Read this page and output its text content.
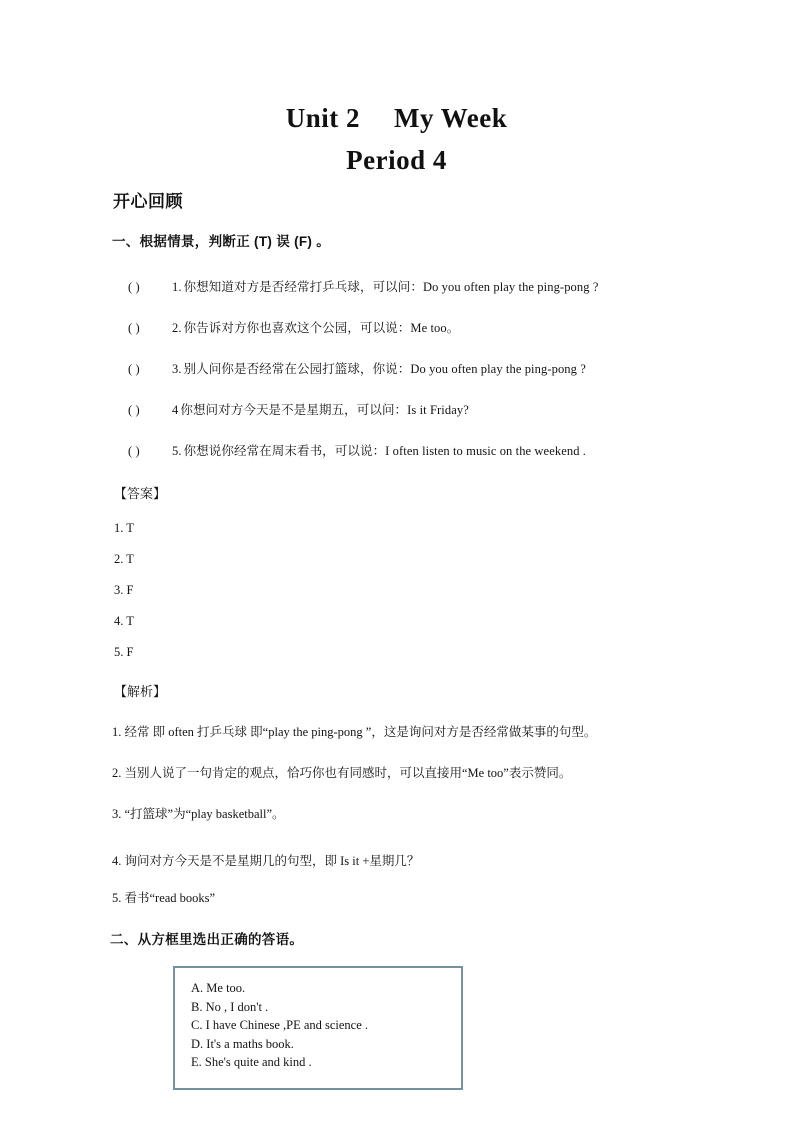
Unit 2 My Week
Period 4
开心回顾
一、根据情景，判断正 (T) 误 (F) 。
( )	1. 你想知道对方是否经常打乒乓球，可以问：Do you often play the ping-pong ?
( )	2. 你告诉对方你也喜欢这个公园，可以说：Me too。
( )	3. 别人问你是否经常在公园打篮球，你说：Do you often play the ping-pong ?
( )	4 你想问对方今天是不是星期五，可以问：Is it Friday?
( )	5. 你想说你经常在周末看书，可以说：I often listen to music on the weekend .
【答案】
1. T
2. T
3. F
4. T
5. F
【解析】
1. 经常 即 often 打乒乓球 即“play the ping-pong ”，这是询问对方是否经常做某事的句型。
2. 当别人说了一句肯定的观点，恰巧你也有同感时，可以直接用“Me too”表示赞同。
3. “打篮球”为“play basketball”。
4. 询问对方今天是不是星期几的句型，即 Is it +星期几？
5. 看书“read books”
二、从方框里选出正确的答语。
A. Me too.
B. No , I don't .
C. I have Chinese ,PE and science .
D. It's a maths book.
E. She's quite and kind .
